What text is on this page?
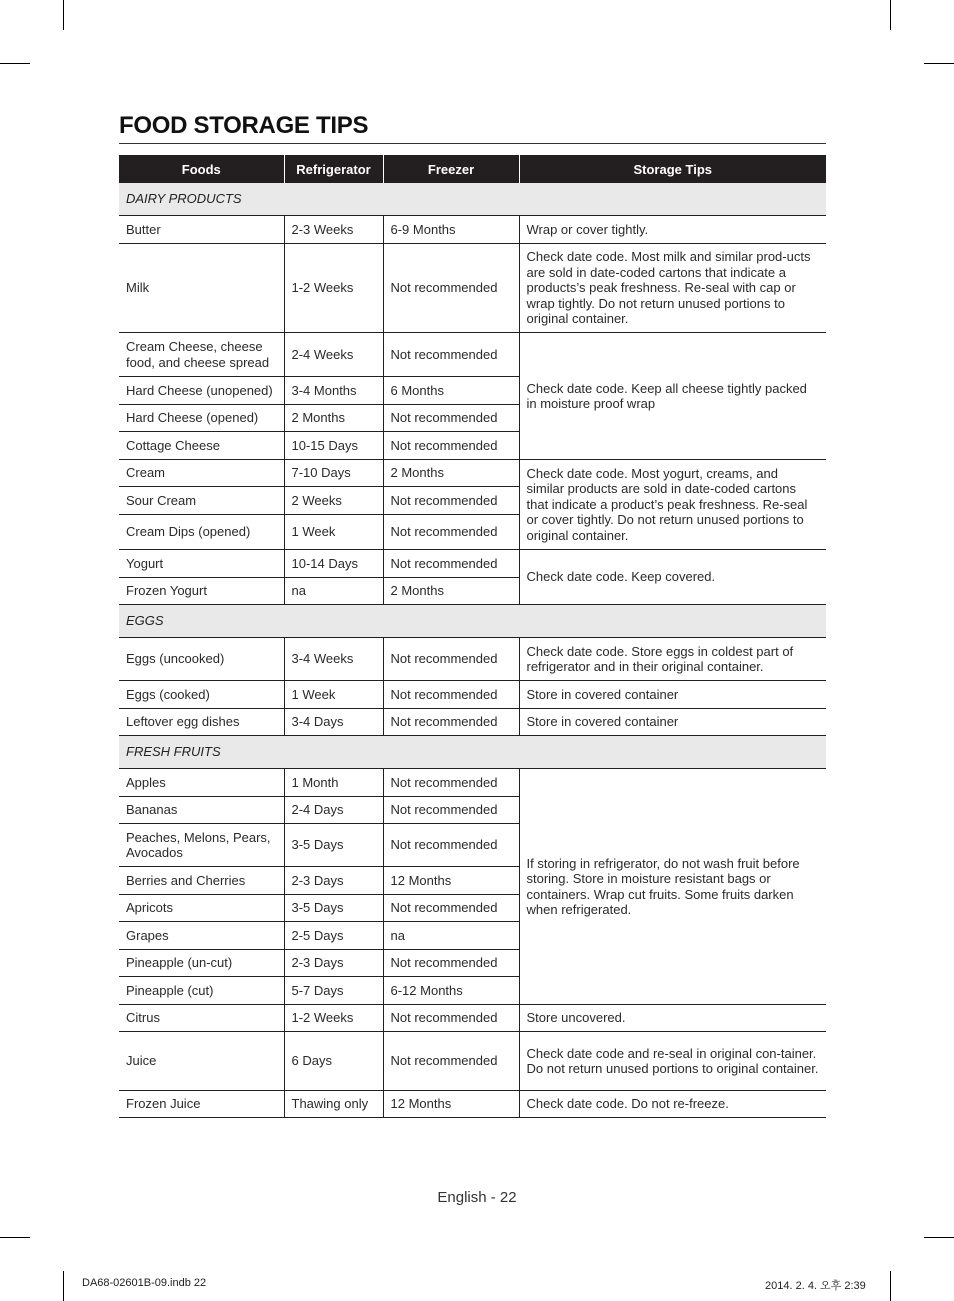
FOOD STORAGE TIPS
Foods	Refrigerator	Freezer	Storage Tips
DAIRY PRODUCTS			
Butter	2-3 Weeks	6-9 Months	Wrap or cover tightly.
Milk	1-2 Weeks	Not recommended	Check date code. Most milk and similar prod-ucts are sold in date-coded cartons that indicate a products’s peak freshness. Re-seal with cap or wrap tightly. Do not return unused portions to original container.
Cream Cheese, cheese food, and cheese spread	2-4 Weeks	Not recommended	Check date code. Keep all cheese tightly packed in moisture proof wrap
Hard Cheese (unopened)	3-4 Months	6 Months	
Hard Cheese (opened)	2 Months	Not recommended	
Cottage Cheese	10-15 Days	Not recommended	
Cream	7-10 Days	2 Months	Check date code. Most yogurt, creams, and similar products are sold in date-coded cartons that indicate a product’s peak freshness. Re-seal or cover tightly. Do not return unused portions to original container.
Sour Cream	2 Weeks	Not recommended	
Cream Dips (opened)	1 Week	Not recommended	
Yogurt	10-14 Days	Not recommended	Check date code. Keep covered.
Frozen Yogurt	na	2 Months	
EGGS			
Eggs (uncooked)	3-4 Weeks	Not recommended	Check date code. Store eggs in coldest part of refrigerator and in their original container.
Eggs (cooked)	1 Week	Not recommended	Store in covered container
Leftover egg dishes	3-4 Days	Not recommended	Store in covered container
FRESH FRUITS			
Apples	1 Month	Not recommended	If storing in refrigerator, do not wash fruit before storing. Store in moisture resistant bags or containers. Wrap cut fruits. Some fruits darken when refrigerated.
Bananas	2-4 Days	Not recommended	
Peaches, Melons, Pears, Avocados	3-5 Days	Not recommended	
Berries and Cherries	2-3 Days	12 Months	
Apricots	3-5 Days	Not recommended	
Grapes	2-5 Days	na	
Pineapple (un-cut)	2-3 Days	Not recommended	
Pineapple (cut)	5-7 Days	6-12 Months	
Citrus	1-2 Weeks	Not recommended	Store uncovered.
Juice	6 Days	Not recommended	Check date code and re-seal in original con-tainer. Do not return unused portions to original container.
Frozen Juice	Thawing only	12 Months	Check date code. Do not re-freeze.
English - 22
DA68-02601B-09.indb 22	2014. 2. 4. 오후 2:39
